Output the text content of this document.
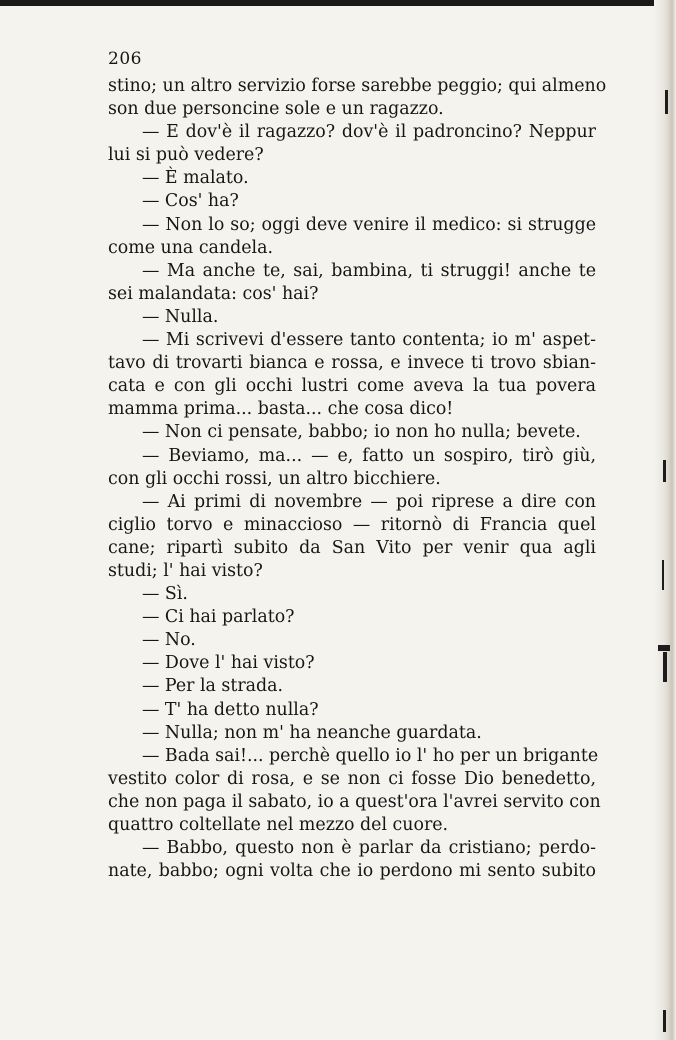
206
stino; un altro servizio forse sarebbe peggio; qui almeno
son due personcine sole e un ragazzo.
— E dov'è il ragazzo? dov'è il padroncino? Neppur
lui si può vedere?
— È malato.
— Cos' ha?
— Non lo so; oggi deve venire il medico: si strugge
come una candela.
— Ma anche te, sai, bambina, ti struggi! anche te
sei malandata: cos' hai?
— Nulla.
— Mi scrivevi d'essere tanto contenta; io m' aspet-
tavo di trovarti bianca e rossa, e invece ti trovo sbian-
cata e con gli occhi lustri come aveva la tua povera
mamma prima... basta... che cosa dico!
— Non ci pensate, babbo; io non ho nulla; bevete.
— Beviamo, ma... — e, fatto un sospiro, tirò giù,
con gli occhi rossi, un altro bicchiere.
— Ai primi di novembre — poi riprese a dire con
ciglio torvo e minaccioso — ritornò di Francia quel
cane; ripartì subito da San Vito per venir qua agli
studi; l' hai visto?
— Sì.
— Ci hai parlato?
— No.
— Dove l' hai visto?
— Per la strada.
— T' ha detto nulla?
— Nulla; non m' ha neanche guardata.
— Bada sai!... perchè quello io l' ho per un brigante
vestito color di rosa, e se non ci fosse Dio benedetto,
che non paga il sabato, io a quest'ora l'avrei servito con
quattro coltellate nel mezzo del cuore.
— Babbo, questo non è parlar da cristiano; perdo-
nate, babbo; ogni volta che io perdono mi sento subito
